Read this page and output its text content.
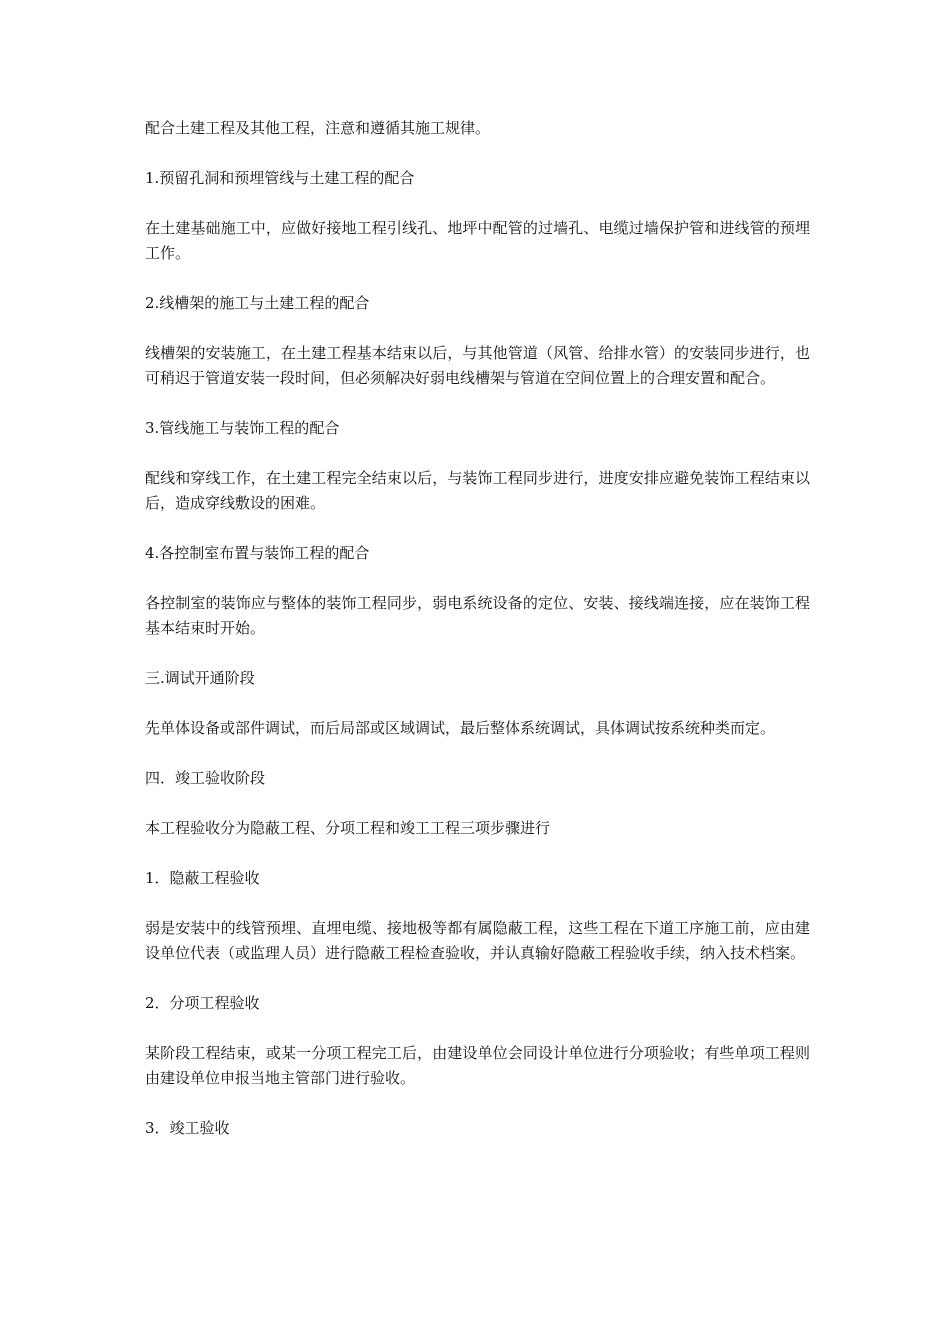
配合土建工程及其他工程，注意和遵循其施工规律。

1.预留孔洞和预埋管线与土建工程的配合

在土建基础施工中，应做好接地工程引线孔、地坪中配管的过墙孔、电缆过墙保护管和进线管的预埋工作。

2.线槽架的施工与土建工程的配合

线槽架的安装施工，在土建工程基本结束以后，与其他管道（风管、给排水管）的安装同步进行，也可稍迟于管道安装一段时间，但必须解决好弱电线槽架与管道在空间位置上的合理安置和配合。

3.管线施工与装饰工程的配合

配线和穿线工作，在土建工程完全结束以后，与装饰工程同步进行，进度安排应避免装饰工程结束以后，造成穿线敷设的困难。

4.各控制室布置与装饰工程的配合

各控制室的装饰应与整体的装饰工程同步，弱电系统设备的定位、安装、接线端连接，应在装饰工程基本结束时开始。

三.调试开通阶段

先单体设备或部件调试，而后局部或区域调试，最后整体系统调试，具体调试按系统种类而定。

四．竣工验收阶段

本工程验收分为隐蔽工程、分项工程和竣工工程三项步骤进行

1．隐蔽工程验收

弱是安装中的线管预埋、直埋电缆、接地极等都有属隐蔽工程，这些工程在下道工序施工前，应由建设单位代表（或监理人员）进行隐蔽工程检查验收，并认真输好隐蔽工程验收手续，纳入技术档案。

2．分项工程验收

某阶段工程结束，或某一分项工程完工后，由建设单位会同设计单位进行分项验收；有些单项工程则由建设单位申报当地主管部门进行验收。

3．竣工验收
